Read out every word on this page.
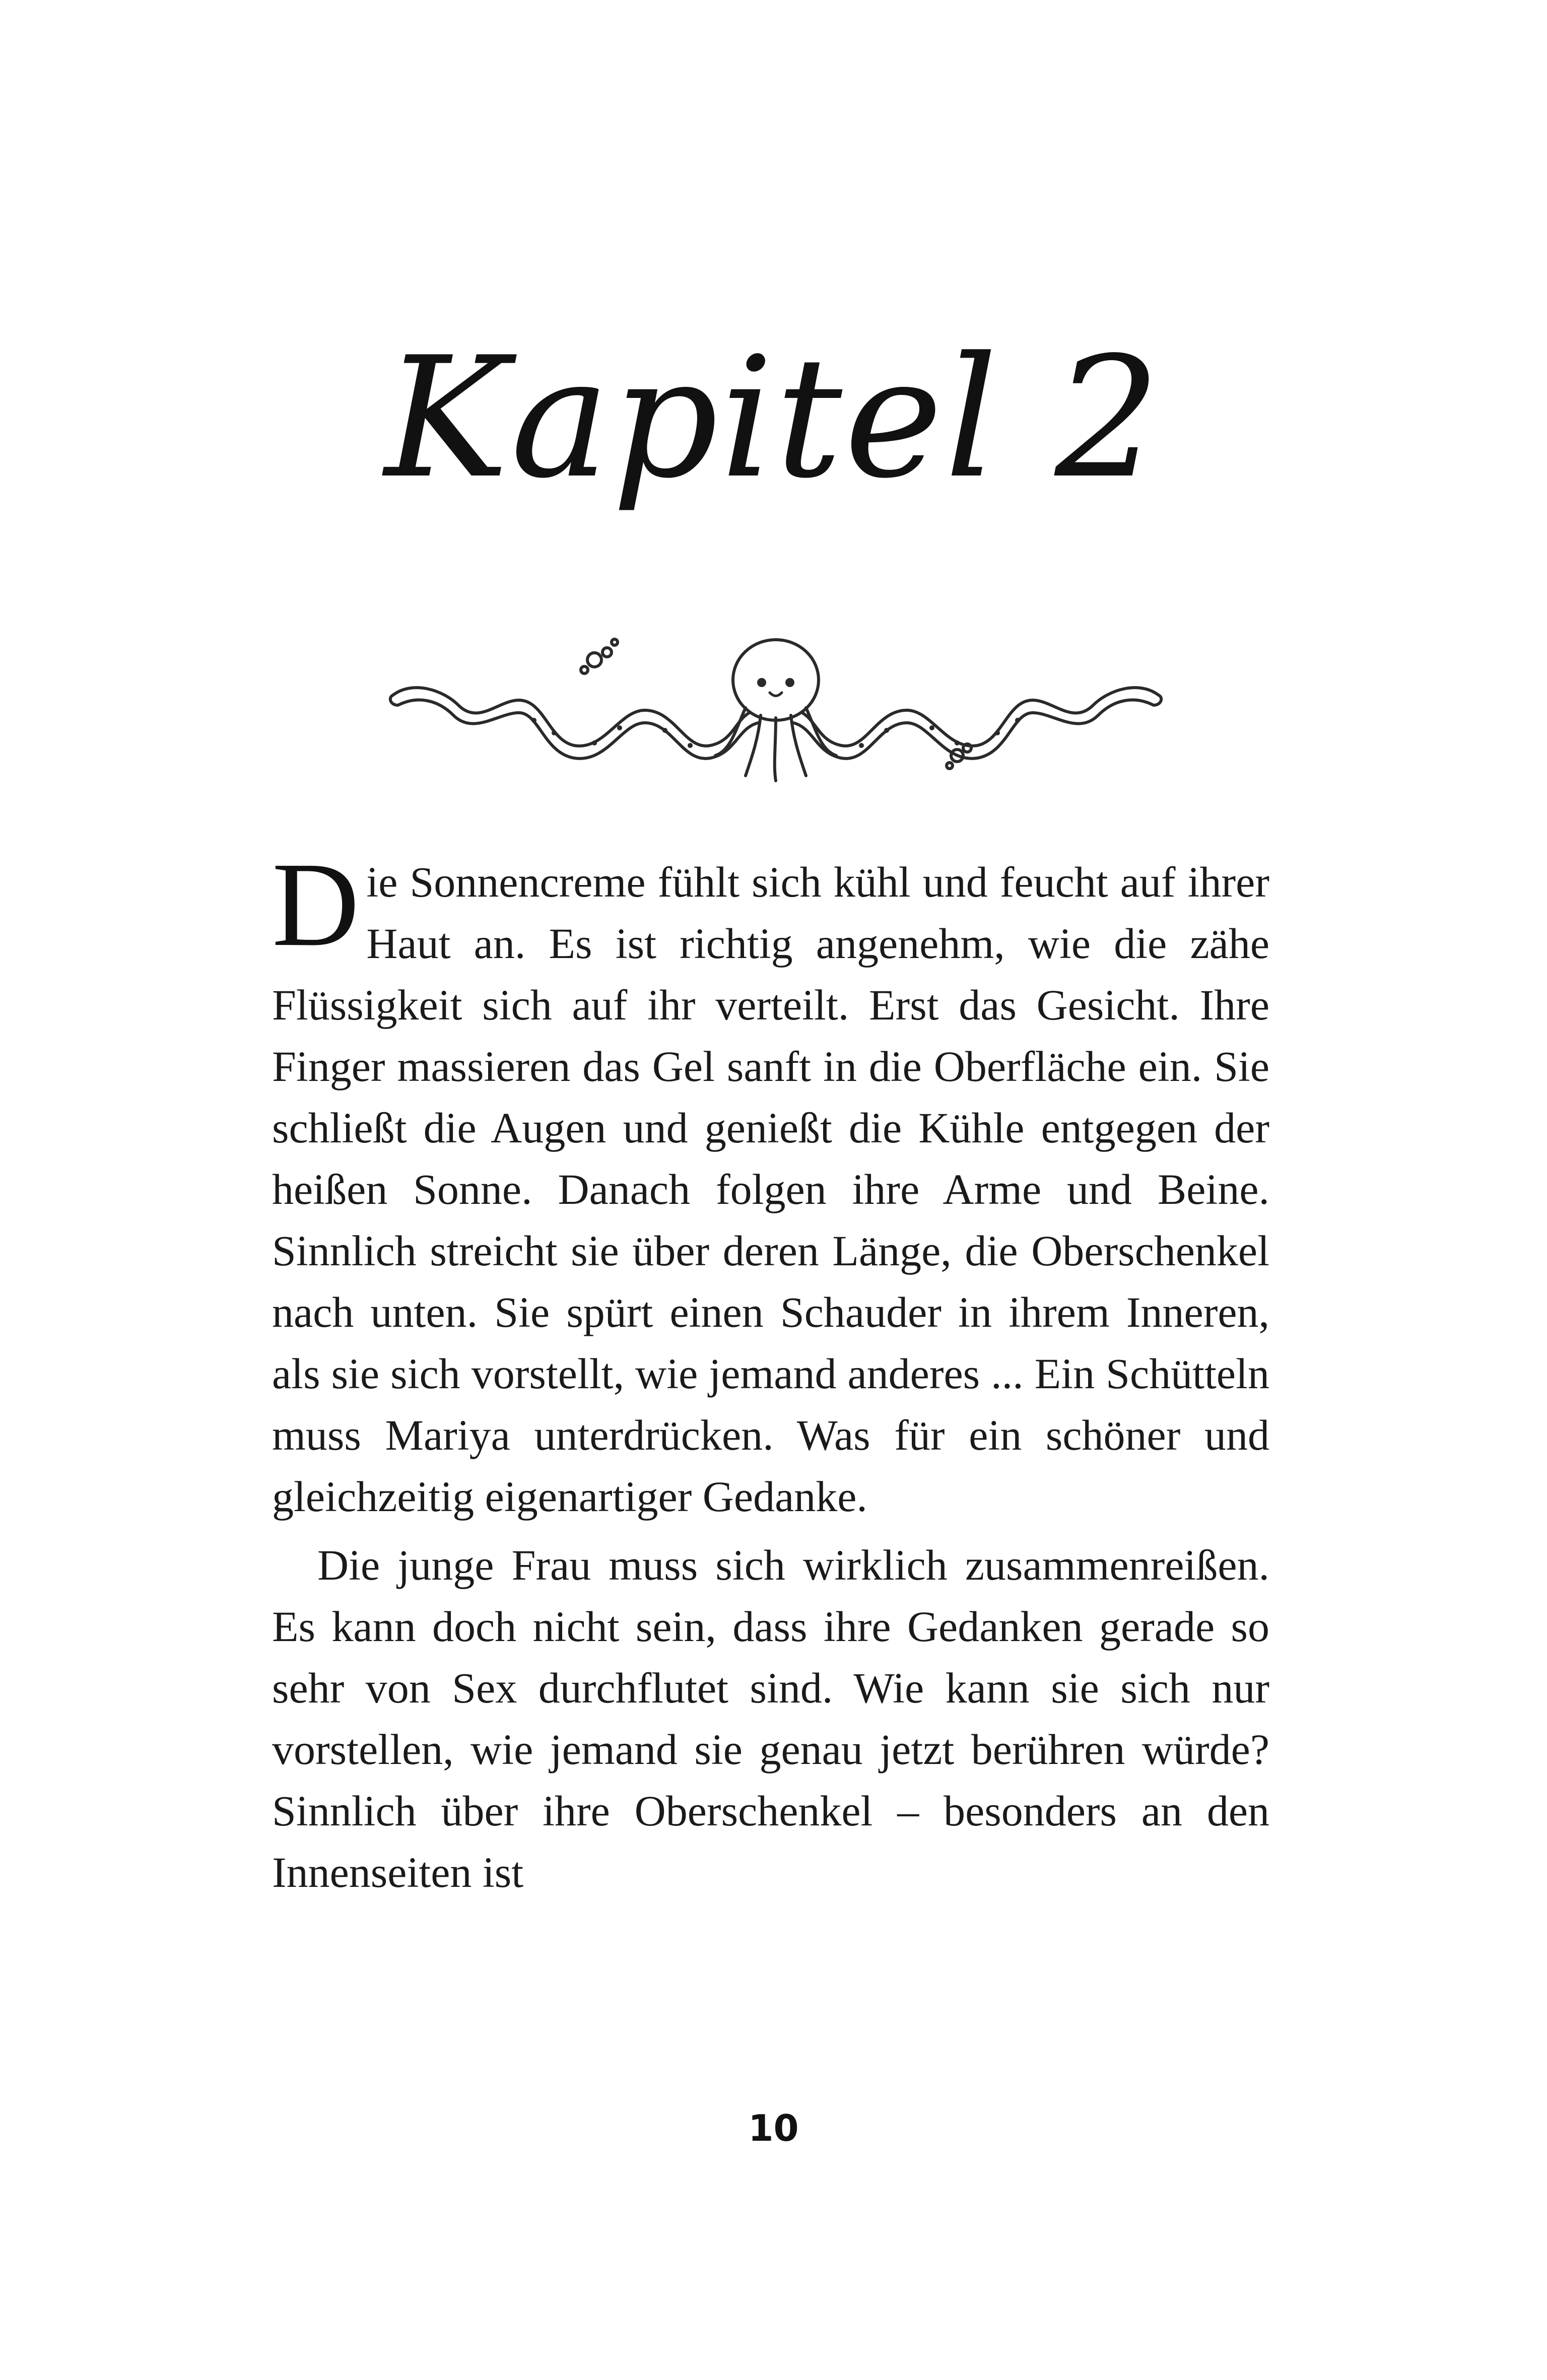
Kapitel 2

Die Sonnencreme fühlt sich kühl und feucht auf ihrer Haut an. Es ist richtig angenehm, wie die zähe Flüssigkeit sich auf ihr verteilt. Erst das Gesicht. Ihre Finger massieren das Gel sanft in die Oberfläche ein. Sie schließt die Augen und genießt die Kühle entgegen der heißen Sonne. Danach folgen ihre Arme und Beine. Sinnlich streicht sie über deren Länge, die Oberschenkel nach unten. Sie spürt einen Schauder in ihrem Inneren, als sie sich vorstellt, wie jemand anderes ... Ein Schütteln muss Mariya unterdrücken. Was für ein schöner und gleichzeitig eigenartiger Gedanke.

Die junge Frau muss sich wirklich zusammenreißen. Es kann doch nicht sein, dass ihre Gedanken gerade so sehr von Sex durchflutet sind. Wie kann sie sich nur vorstellen, wie jemand sie genau jetzt berühren würde? Sinnlich über ihre Oberschenkel – besonders an den Innenseiten ist

10
